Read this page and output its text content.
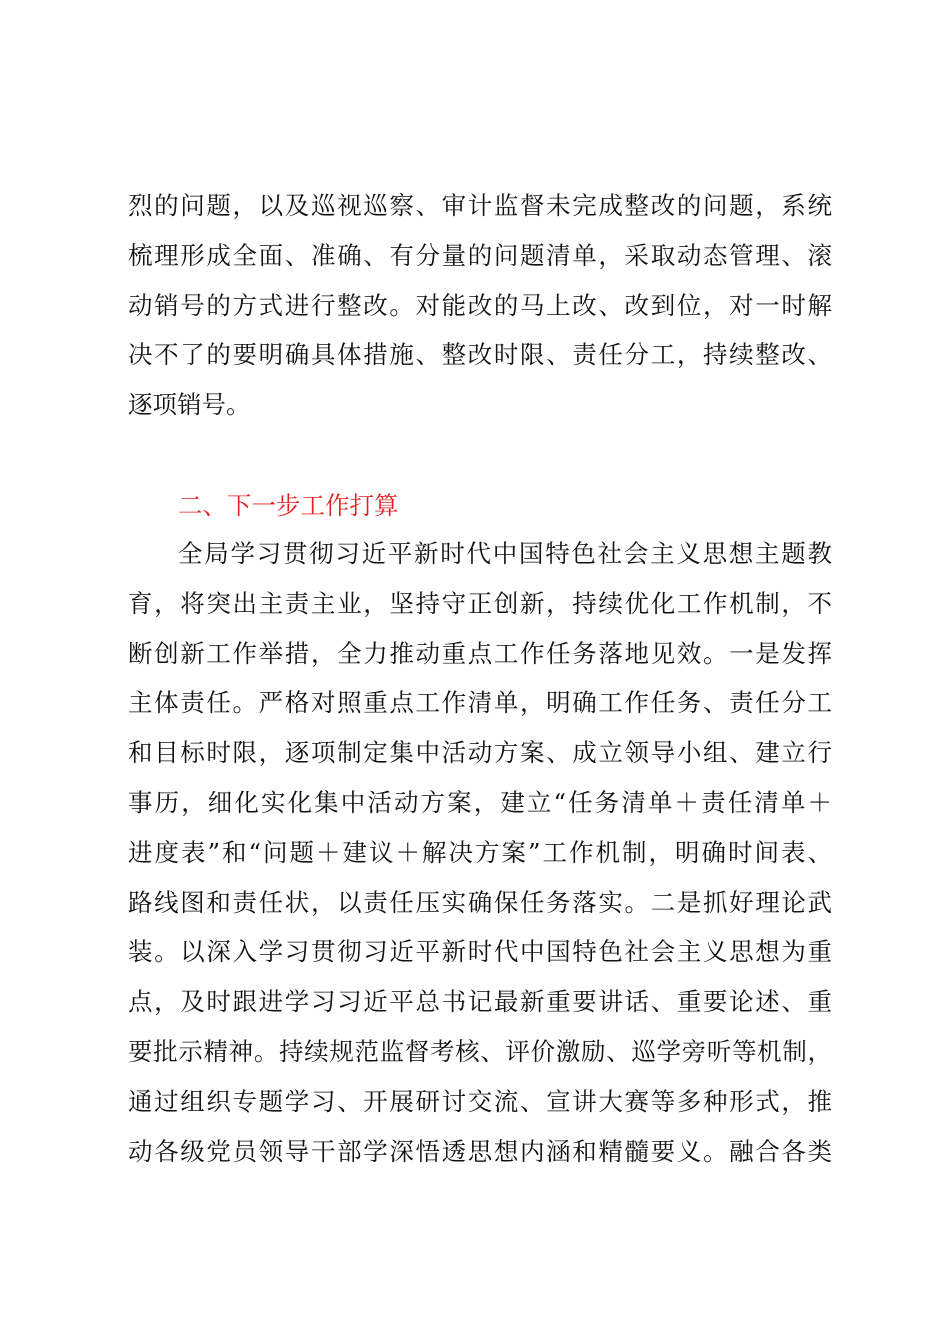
烈的问题，以及巡视巡察、审计监督未完成整改的问题，系统
梳理形成全面、准确、有分量的问题清单，采取动态管理、滚
动销号的方式进行整改。对能改的马上改、改到位，对一时解
决不了的要明确具体措施、整改时限、责任分工，持续整改、
逐项销号。
二、下一步工作打算
全局学习贯彻习近平新时代中国特色社会主义思想主题教
育，将突出主责主业，坚持守正创新，持续优化工作机制，不
断创新工作举措，全力推动重点工作任务落地见效。一是发挥
主体责任。严格对照重点工作清单，明确工作任务、责任分工
和目标时限，逐项制定集中活动方案、成立领导小组、建立行
事历，细化实化集中活动方案，建立“任务清单＋责任清单＋
进度表”和“问题＋建议＋解决方案”工作机制，明确时间表、
路线图和责任状，以责任压实确保任务落实。二是抓好理论武
装。以深入学习贯彻习近平新时代中国特色社会主义思想为重
点，及时跟进学习习近平总书记最新重要讲话、重要论述、重
要批示精神。持续规范监督考核、评价激励、巡学旁听等机制，
通过组织专题学习、开展研讨交流、宣讲大赛等多种形式，推
动各级党员领导干部学深悟透思想内涵和精髓要义。融合各类
